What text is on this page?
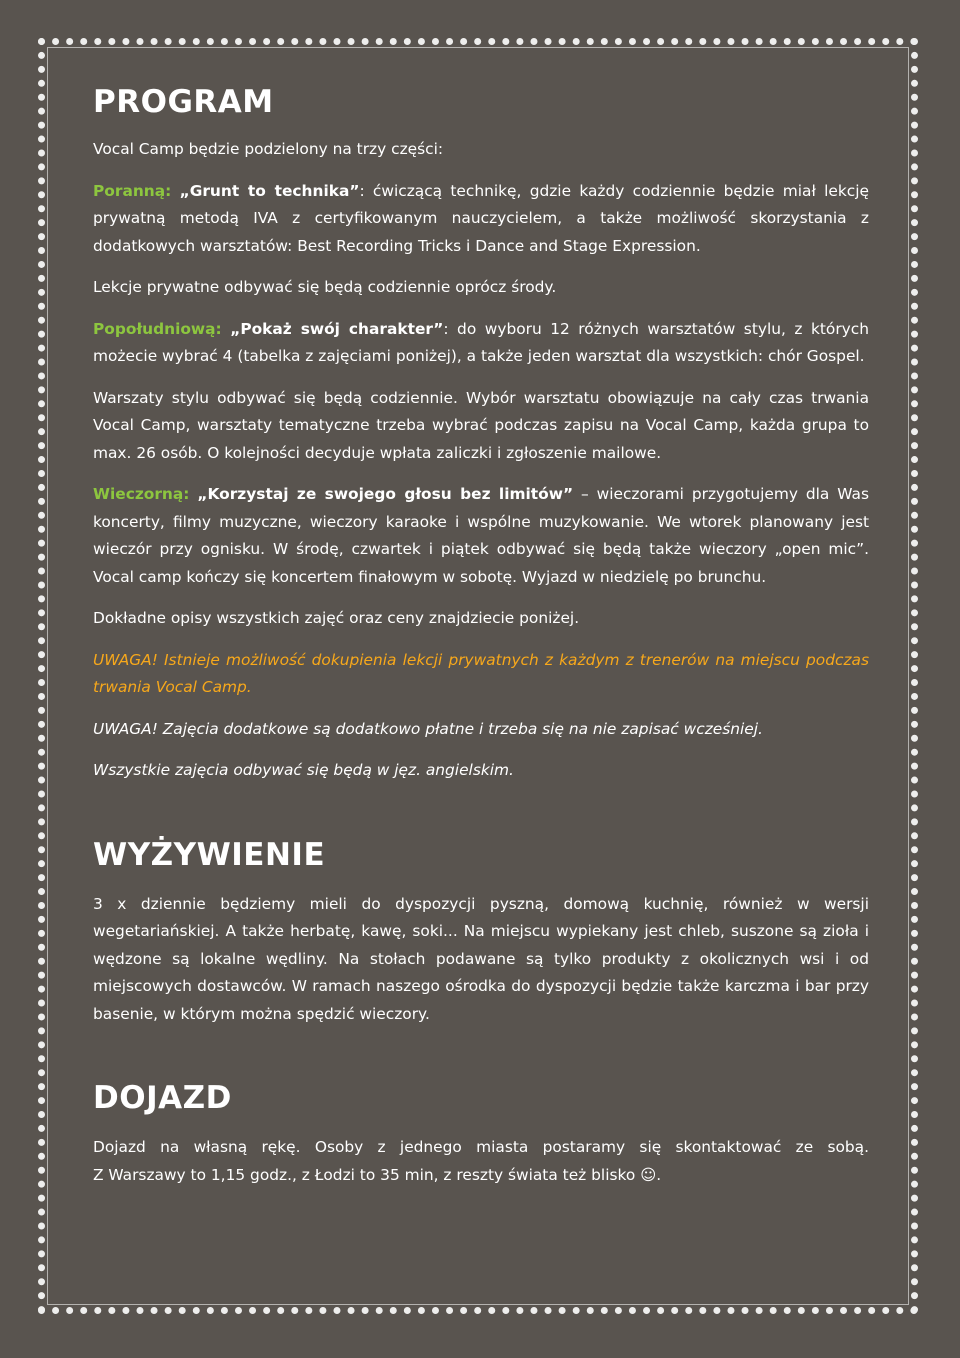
PROGRAM

Vocal Camp będzie podzielony na trzy części:

Poranną: „Grunt to technika”: ćwiczącą technikę, gdzie każdy codziennie będzie miał lekcję prywatną metodą IVA z certyfikowanym nauczycielem, a także możliwość skorzystania z dodatkowych warsztatów: Best Recording Tricks i Dance and Stage Expression.

Lekcje prywatne odbywać się będą codziennie oprócz środy.

Popołudniową: „Pokaż swój charakter”: do wyboru 12 różnych warsztatów stylu, z których możecie wybrać 4 (tabelka z zajęciami poniżej), a także jeden warsztat dla wszystkich: chór Gospel.

Warszaty stylu odbywać się będą codziennie. Wybór warsztatu obowiązuje na cały czas trwania Vocal Camp, warsztaty tematyczne trzeba wybrać podczas zapisu na Vocal Camp, każda grupa to max. 26 osób. O kolejności decyduje wpłata zaliczki i zgłoszenie mailowe.

Wieczorną: „Korzystaj ze swojego głosu bez limitów” – wieczorami przygotujemy dla Was koncerty, filmy muzyczne, wieczory karaoke i wspólne muzykowanie. We wtorek planowany jest wieczór przy ognisku. W środę, czwartek i piątek odbywać się będą także wieczory „open mic”. Vocal camp kończy się koncertem finałowym w sobotę. Wyjazd w niedzielę po brunchu.

Dokładne opisy wszystkich zajęć oraz ceny znajdziecie poniżej.

UWAGA! Istnieje możliwość dokupienia lekcji prywatnych z każdym z trenerów na miejscu podczas trwania Vocal Camp.

UWAGA! Zajęcia dodatkowe są dodatkowo płatne i trzeba się na nie zapisać wcześniej.

Wszystkie zajęcia odbywać się będą w jęz. angielskim.

WYŻYWIENIE

3 x dziennie będziemy mieli do dyspozycji pyszną, domową kuchnię, również w wersji wegetariańskiej. A także herbatę, kawę, soki... Na miejscu wypiekany jest chleb, suszone są zioła i wędzone są lokalne wędliny. Na stołach podawane są tylko produkty z okolicznych wsi i od miejscowych dostawców. W ramach naszego ośrodka do dyspozycji będzie także karczma i bar przy basenie, w którym można spędzić wieczory.

DOJAZD

Dojazd na własną rękę. Osoby z jednego miasta postaramy się skontaktować ze sobą.

Z Warszawy to 1,15 godz., z Łodzi to 35 min, z reszty świata też blisko ☺.
